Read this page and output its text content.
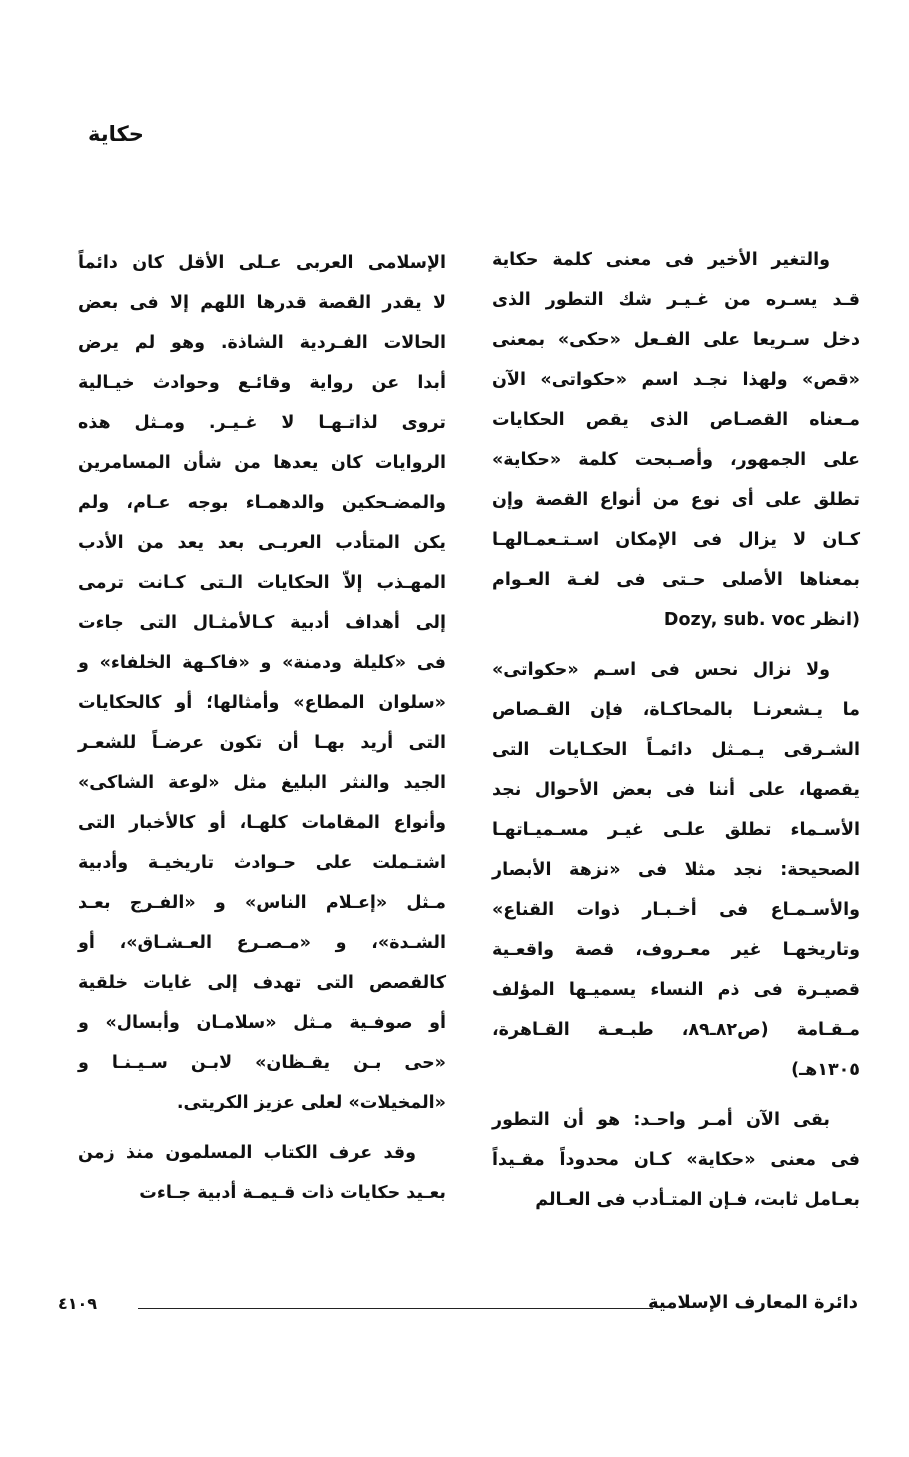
حكاية
والتغير الأخير فى معنى كلمة حكاية
قـد يسـره من غـيـر شك التطور الذى
دخل سـريعا على الفـعل «حكى» بمعنى
«قص» ولهذا نجـد اسم «حكواتى» الآن
مـعناه القصـاص الذى يقص الحكايات
على الجمهور، وأصـبحت كلمة «حكاية»
تطلق على أى نوع من أنواع القصة وإن
كـان لا يزال فى الإمكان اسـتـعمـالهـا
بمعناها الأصلى حـتى فى لغـة العـوام
(انظر Dozy, sub. voc
ولا نزال نحس فى اسـم «حكواتى»
ما يـشعرنـا بالمحاكـاة، فإن القـصاص
الشـرقى يـمـثل دائمـاً الحكـايات التى
يقصها، على أننا فى بعض الأحوال نجد
الأسـماء تطلق علـى غيـر مسـميـاتهـا
الصحيحة: نجد مثلا فى «نزهة الأبصار
والأسـمـاع فى أخـبـار ذوات القناع»
وتاريخهـا غير معـروف، قصة واقعـية
قصيـرة فى ذم النساء يسميـها المؤلف
مـقـامة (ص٨٢ـ٨٩، طبـعـة القـاهرة،
١٣٠٥هـ)
بقى الآن أمـر واحـد: هو أن التطور
فى معنى «حكاية» كـان محدوداً مقـيداً
بعـامل ثابت، فـإن المتـأدب فى العـالم
الإسلامى العربى عـلى الأقل كان دائماً
لا يقدر القصة قدرها اللهم إلا فى بعض
الحالات الفـردية الشاذة. وهو لم يرض
أبدا عن رواية وقائـع وحوادث خيـالية
تروى لذاتـهـا لا غـيـر. ومـثل هذه
الروايات كان يعدها من شأن المسامرين
والمضـحكين والدهمـاء بوجه عـام، ولم
يكن المتأدب العربـى بعد يعد من الأدب
المهـذب إلاّ الحكايات الـتى كـانت ترمى
إلى أهداف أدبية كـالأمثـال التى جاءت
فى «كليلة ودمنة» و «فاكـهة الخلفاء» و
«سلوان المطاع» وأمثالها؛ أو كالحكايات
التى أريد بهـا أن تكون عرضـاً للشعـر
الجيد والنثر البليغ مثل «لوعة الشاكى»
وأنواع المقامات كلهـا، أو كالأخبار التى
اشتـملت على حـوادث تاريخيـة وأدبية
مـثل «إعـلام الناس» و «الفـرج بعـد
الشـدة»، و «مـصـرع العـشـاق»، أو
كالقصص التى تهدف إلى غايات خلقية
أو صوفـية مـثل «سلامـان وأبسال» و
«حى بـن يقـظان» لابـن سـيـنـا و
«المخيلات» لعلى عزيز الكريتى.
وقد عرف الكتاب المسلمون منذ زمن
بعـيد حكايات ذات قـيمـة أدبية جـاءت
دائرة المعارف الإسلامية
٤١٠٩
